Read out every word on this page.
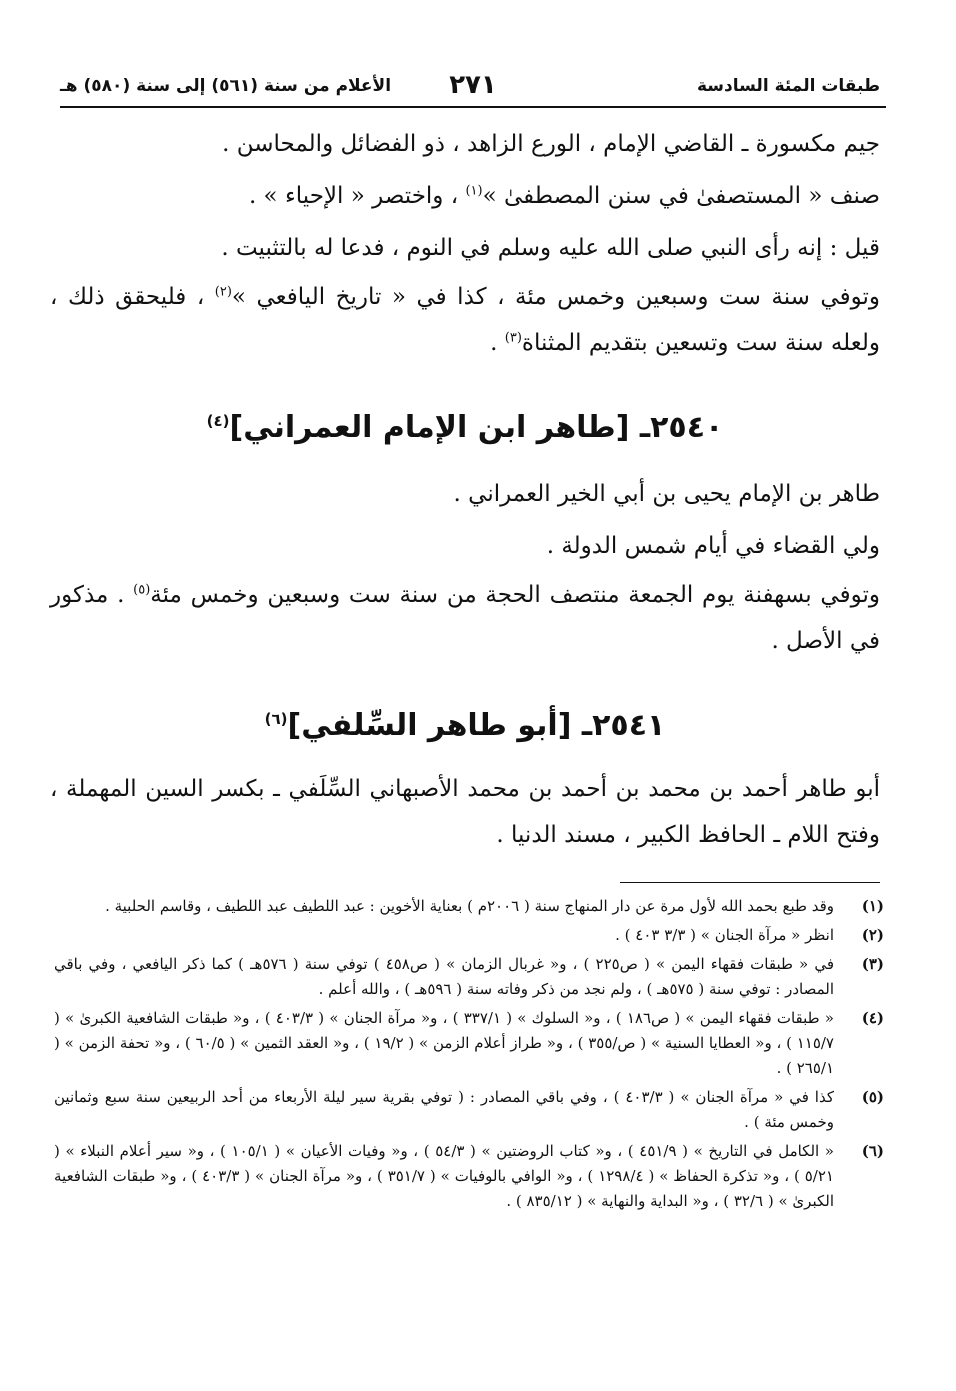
طبقات المئة السادسة
٢٧١
الأعلام من سنة (٥٦١) إلى سنة (٥٨٠) هـ

جيم مكسورة ـ القاضي الإمام ، الورع الزاهد ، ذو الفضائل والمحاسن .

صنف « المستصفىٰ في سنن المصطفىٰ »$^{(١)}$ ، واختصر « الإحياء » .

قيل : إنه رأى النبي صلى الله عليه وسلم في النوم ، فدعا له بالتثبيت .

وتوفي سنة ست وسبعين وخمس مئة ، كذا في « تاريخ اليافعي »$^{(٢)}$ ، فليحقق ذلك ، ولعله سنة ست وتسعين بتقديم المثناة$^{(٣)}$ .

٢٥٤٠ـ [طاهر ابن الإمام العمراني]$^{(٤)}$

طاهر بن الإمام يحيى بن أبي الخير العمراني .

ولي القضاء في أيام شمس الدولة .

وتوفي بسهفنة يوم الجمعة منتصف الحجة من سنة ست وسبعين وخمس مئة$^{(٥)}$ . مذكور في الأصل .

٢٥٤١ـ [أبو طاهر السِّلفي]$^{(٦)}$

أبو طاهر أحمد بن محمد بن أحمد بن محمد الأصبهاني السِّلَفي ـ بكسر السين المهملة ، وفتح اللام ـ الحافظ الكبير ، مسند الدنيا .

(١)
وقد طبع بحمد الله لأول مرة عن دار المنهاج سنة ( ٢٠٠٦م ) بعناية الأخوين : عبد اللطيف عبد اللطيف ، وقاسم الحلبية .
(٢)
انظر « مرآة الجنان » ( ٣/٣ ٤٠٣ ) .
(٣)
في « طبقات فقهاء اليمن » ( ص٢٢٥ ) ، و« غربال الزمان » ( ص٤٥٨ ) توفي سنة ( ٥٧٦هـ ) كما ذكر اليافعي ، وفي باقي المصادر : توفي سنة ( ٥٧٥هـ ) ، ولم نجد من ذكر وفاته سنة ( ٥٩٦هـ ) ، والله أعلم .
(٤)
« طبقات فقهاء اليمن » ( ص١٨٦ ) ، و« السلوك » ( ٣٣٧/١ ) ، و« مرآة الجنان » ( ٤٠٣/٣ ) ، و« طبقات الشافعية الكبرىٰ » ( ١١٥/٧ ) ، و« العطايا السنية » ( ص/٣٥٥ ) ، و« طراز أعلام الزمن » ( ١٩/٢ ) ، و« العقد الثمين » ( ٦٠/٥ ) ، و« تحفة الزمن » ( ٢٦٥/١ ) .
(٥)
كذا في « مرآة الجنان » ( ٤٠٣/٣ ) ، وفي باقي المصادر : ( توفي بقرية سير ليلة الأربعاء من أحد الربيعين سنة سبع وثمانين وخمس مئة ) .
(٦)
« الكامل في التاريخ » ( ٤٥١/٩ ) ، و« كتاب الروضتين » ( ٥٤/٣ ) ، و« وفيات الأعيان » ( ١٠٥/١ ) ، و« سير أعلام النبلاء » ( ٥/٢١ ) ، و« تذكرة الحفاظ » ( ١٢٩٨/٤ ) ، و« الوافي بالوفيات » ( ٣٥١/٧ ) ، و« مرآة الجنان » ( ٤٠٣/٣ ) ، و« طبقات الشافعية الكبرىٰ » ( ٣٢/٦ ) ، و« البداية والنهاية » ( ٨٣٥/١٢ ) .
